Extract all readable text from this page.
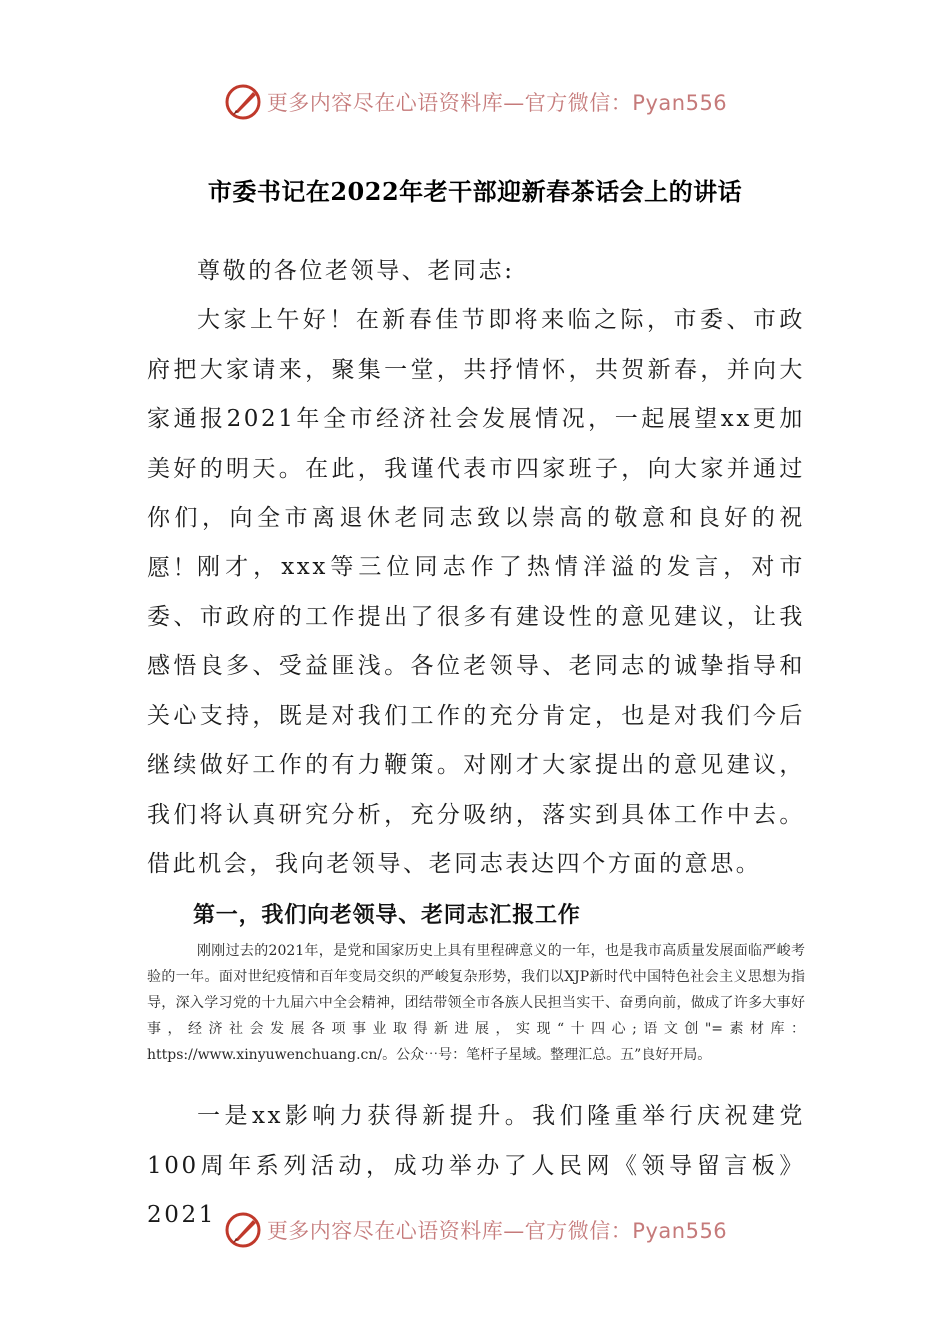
更多内容尽在心语资料库—官方微信：Pyan556
市委书记在2022年老干部迎新春茶话会上的讲话
尊敬的各位老领导、老同志:
大家上午好！在新春佳节即将来临之际，市委、市政府把大家请来，聚集一堂，共抒情怀，共贺新春，并向大家通报2021年全市经济社会发展情况，一起展望xx更加美好的明天。在此，我谨代表市四家班子，向大家并通过你们，向全市离退休老同志致以崇高的敬意和良好的祝愿！
刚才，xxx等三位同志作了热情洋溢的发言，对市委、市政府的工作提出了很多有建设性的意见建议，让我感悟良多、受益匪浅。各位老领导、老同志的诚挚指导和关心支持，既是对我们工作的充分肯定，也是对我们今后继续做好工作的有力鞭策。对刚才大家提出的意见建议，我们将认真研究分析，充分吸纳，落实到具体工作中去。借此机会，我向老领导、老同志表达四个方面的意思。
第一，我们向老领导、老同志汇报工作
刚刚过去的2021年，是党和国家历史上具有里程碑意义的一年，也是我市高质量发展面临严峻考验的一年。面对世纪疫情和百年变局交织的严峻复杂形势，我们以XJP新时代中国特色社会主义思想为指导，深入学习党的十九届六中全会精神，团结带领全市各族人民担当实干、奋勇向前，做成了许多大事好事，经济社会发展各项事业取得新进展，实现“十四心;语文创"=素材库：https://www.xinyuwenchuang.cn/。公众⋯号：笔杆子星域。整理汇总。五”良好开局。
一是xx影响力获得新提升。我们隆重举行庆祝建党100周年系列活动，成功举办了人民网《领导留言板》2021
更多内容尽在心语资料库—官方微信：Pyan556
